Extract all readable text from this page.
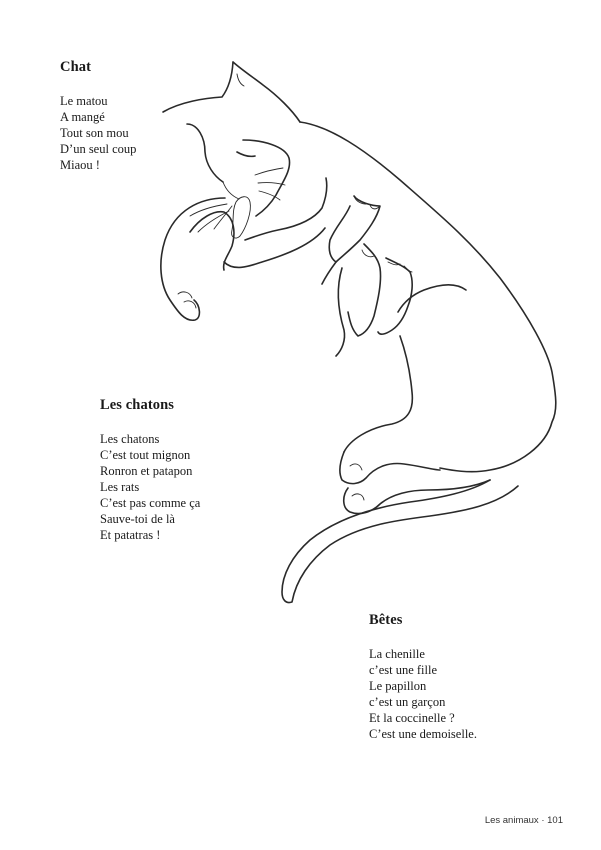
Chat
Le matou
A mangé
Tout son mou
D’un seul coup
Miaou !
Les chatons
Les chatons
C’est tout mignon
Ronron et patapon
Les rats
C’est pas comme ça
Sauve-toi de là
Et patatras !
Bêtes
La chenille
c’est une fille
Le papillon
c’est un garçon
Et la coccinelle ?
C’est une demoiselle.
Les animaux · 101
